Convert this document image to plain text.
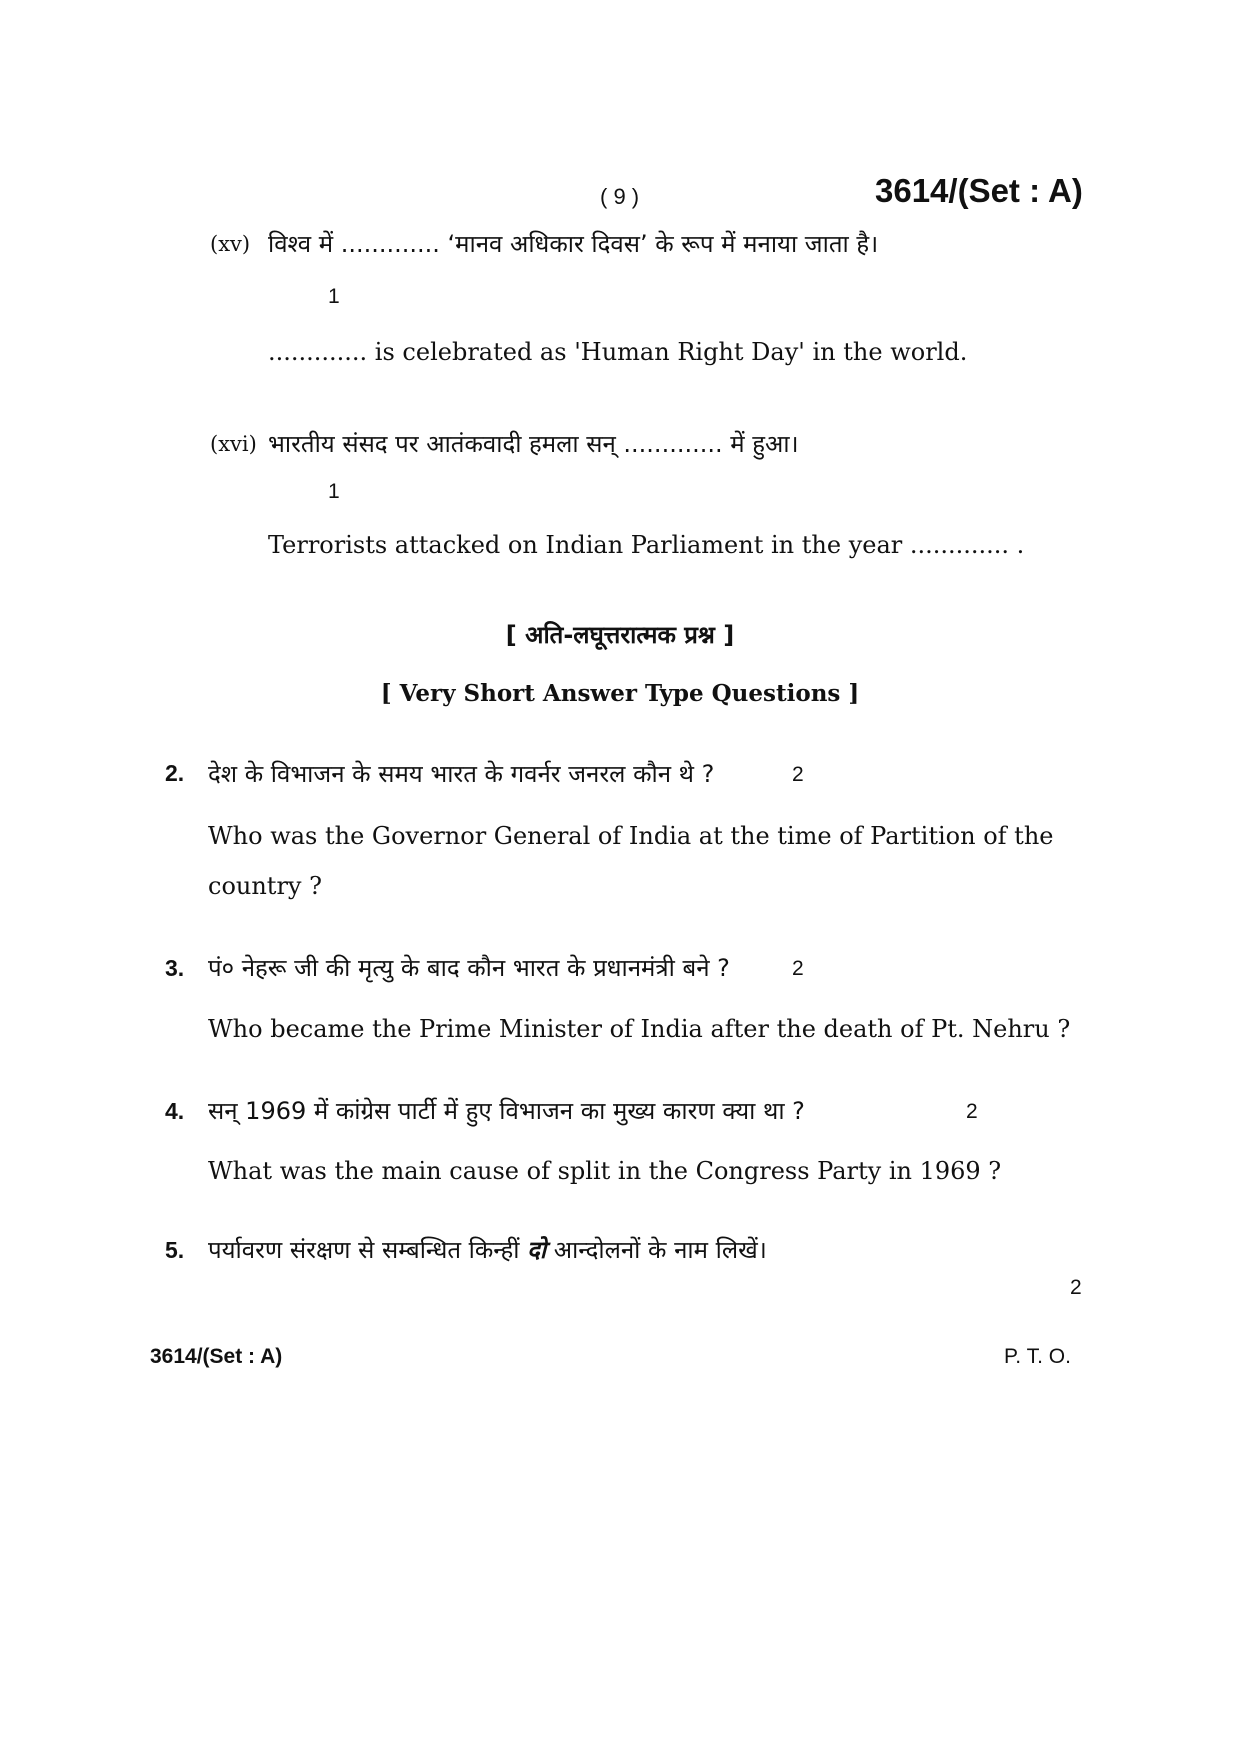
( 9 )	3614/(Set : A)
(xv) विश्व में ............. ‘मानव अधिकार दिवस’ के रूप में मनाया जाता है।
1
............. is celebrated as 'Human Right Day' in the world.
(xvi) भारतीय संसद पर आतंकवादी हमला सन् ............. में हुआ।
1
Terrorists attacked on Indian Parliament in the year ............. .
[ अति-लघूत्तरात्मक प्रश्न ]
[ Very Short Answer Type Questions ]
2. देश के विभाजन के समय भारत के गवर्नर जनरल कौन थे ?	2
Who was the Governor General of India at the time of Partition of the
country ?
3. पं० नेहरू जी की मृत्यु के बाद कौन भारत के प्रधानमंत्री बने ?	2
Who became the Prime Minister of India after the death of Pt. Nehru ?
4. सन् 1969 में कांग्रेस पार्टी में हुए विभाजन का मुख्य कारण क्या था ?	2
What was the main cause of split in the Congress Party in 1969 ?
5. पर्यावरण संरक्षण से सम्बन्धित किन्हीं दो आन्दोलनों के नाम लिखें।
2
3614/(Set : A)	P. T. O.
